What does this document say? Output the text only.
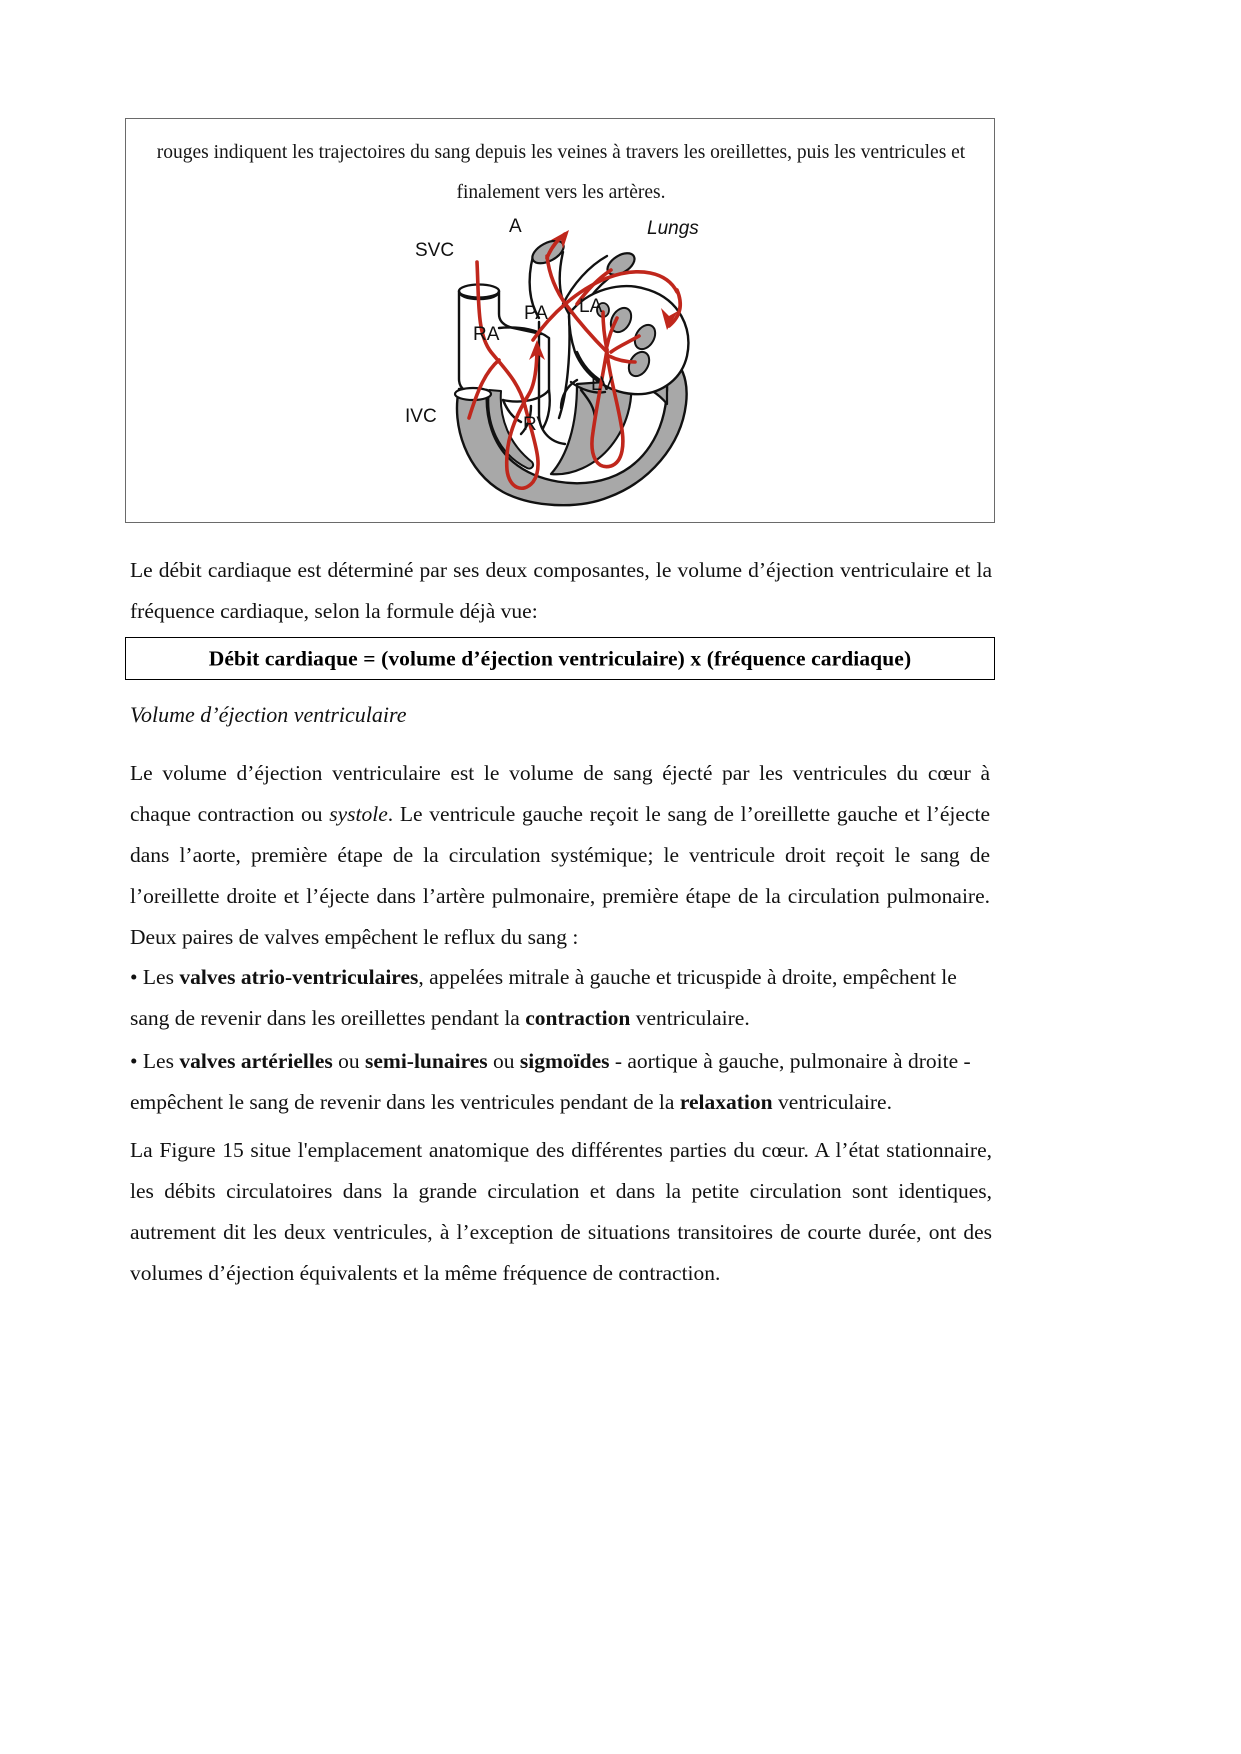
rouges indiquent les trajectoires du sang depuis les veines à travers les oreillettes, puis les ventricules et
finalement vers les artères.
A
SVC
Lungs
LA
PA
RA
LV
IVC	RV
Le débit cardiaque est déterminé par ses deux composantes, le volume d’éjection ventriculaire et la fréquence cardiaque, selon la formule déjà vue:
Débit cardiaque = (volume d’éjection ventriculaire) x (fréquence cardiaque)
Volume d’éjection ventriculaire
Le volume d’éjection ventriculaire est le volume de sang éjecté par les ventricules du cœur à chaque contraction ou systole. Le ventricule gauche reçoit le sang de l’oreillette gauche et l’éjecte dans l’aorte, première étape de la circulation systémique; le ventricule droit reçoit le sang de l’oreillette droite et l’éjecte dans l’artère pulmonaire, première étape de la circulation pulmonaire. Deux paires de valves empêchent le reflux du sang :
• Les valves atrio-ventriculaires, appelées mitrale à gauche et tricuspide à droite, empêchent le sang de revenir dans les oreillettes pendant la contraction ventriculaire.
• Les valves artérielles ou semi-lunaires ou sigmoïdes - aortique à gauche, pulmonaire à droite - empêchent le sang de revenir dans les ventricules pendant de la relaxation ventriculaire.
La Figure 15 situe l'emplacement anatomique des différentes parties du cœur. A l’état stationnaire, les débits circulatoires dans la grande circulation et dans la petite circulation sont identiques, autrement dit les deux ventricules, à l’exception de situations transitoires de courte durée, ont des volumes d’éjection équivalents et la même fréquence de contraction.
